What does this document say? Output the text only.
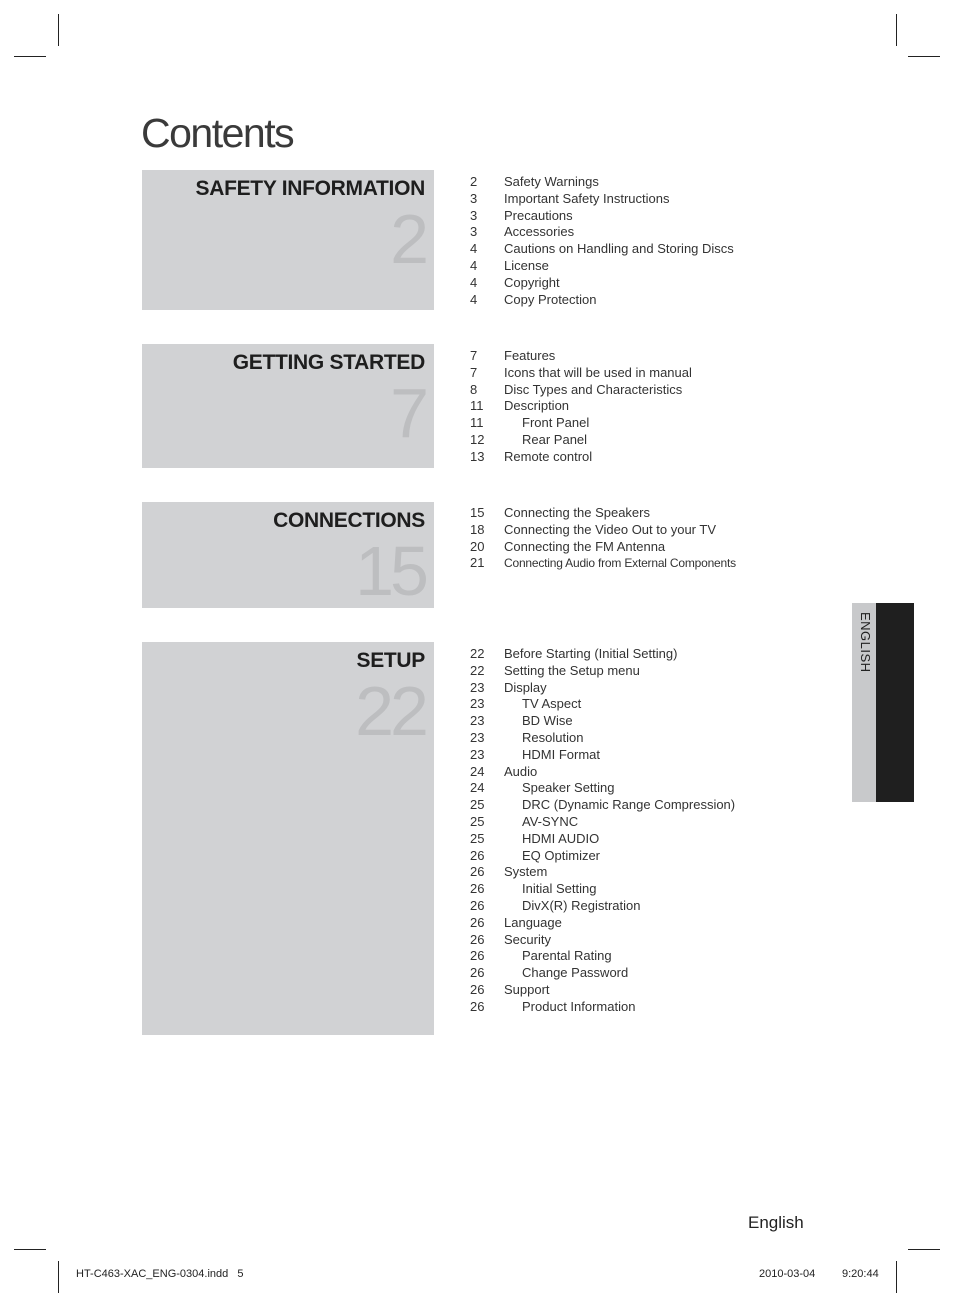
Contents
SAFETY INFORMATION
2
2 Safety Warnings
3 Important Safety Instructions
3 Precautions
3 Accessories
4 Cautions on Handling and Storing Discs
4 License
4 Copyright
4 Copy Protection
GETTING STARTED
7
7 Features
7 Icons that will be used in manual
8 Disc Types and Characteristics
11 Description
11	Front Panel
12	Rear Panel
13 Remote control
CONNECTIONS
15
15 Connecting the Speakers
18 Connecting the Video Out to your TV
20 Connecting the FM Antenna
21 Connecting Audio from External Components
SETUP
22
22 Before Starting (Initial Setting)
22 Setting the Setup menu
23 Display
23	TV Aspect
23	BD Wise
23	Resolution
23	HDMI Format
24 Audio
24	Speaker Setting
25	DRC (Dynamic Range Compression)
25	AV-SYNC
25	HDMI AUDIO
26	EQ Optimizer
26 System
26	Initial Setting
26	DivX(R) Registration
26 Language
26 Security
26	Parental Rating
26	Change Password
26 Support
26	Product Information
ENGLISH
English
HT-C463-XAC_ENG-0304.indd   5	2010-03-04 9:20:44
